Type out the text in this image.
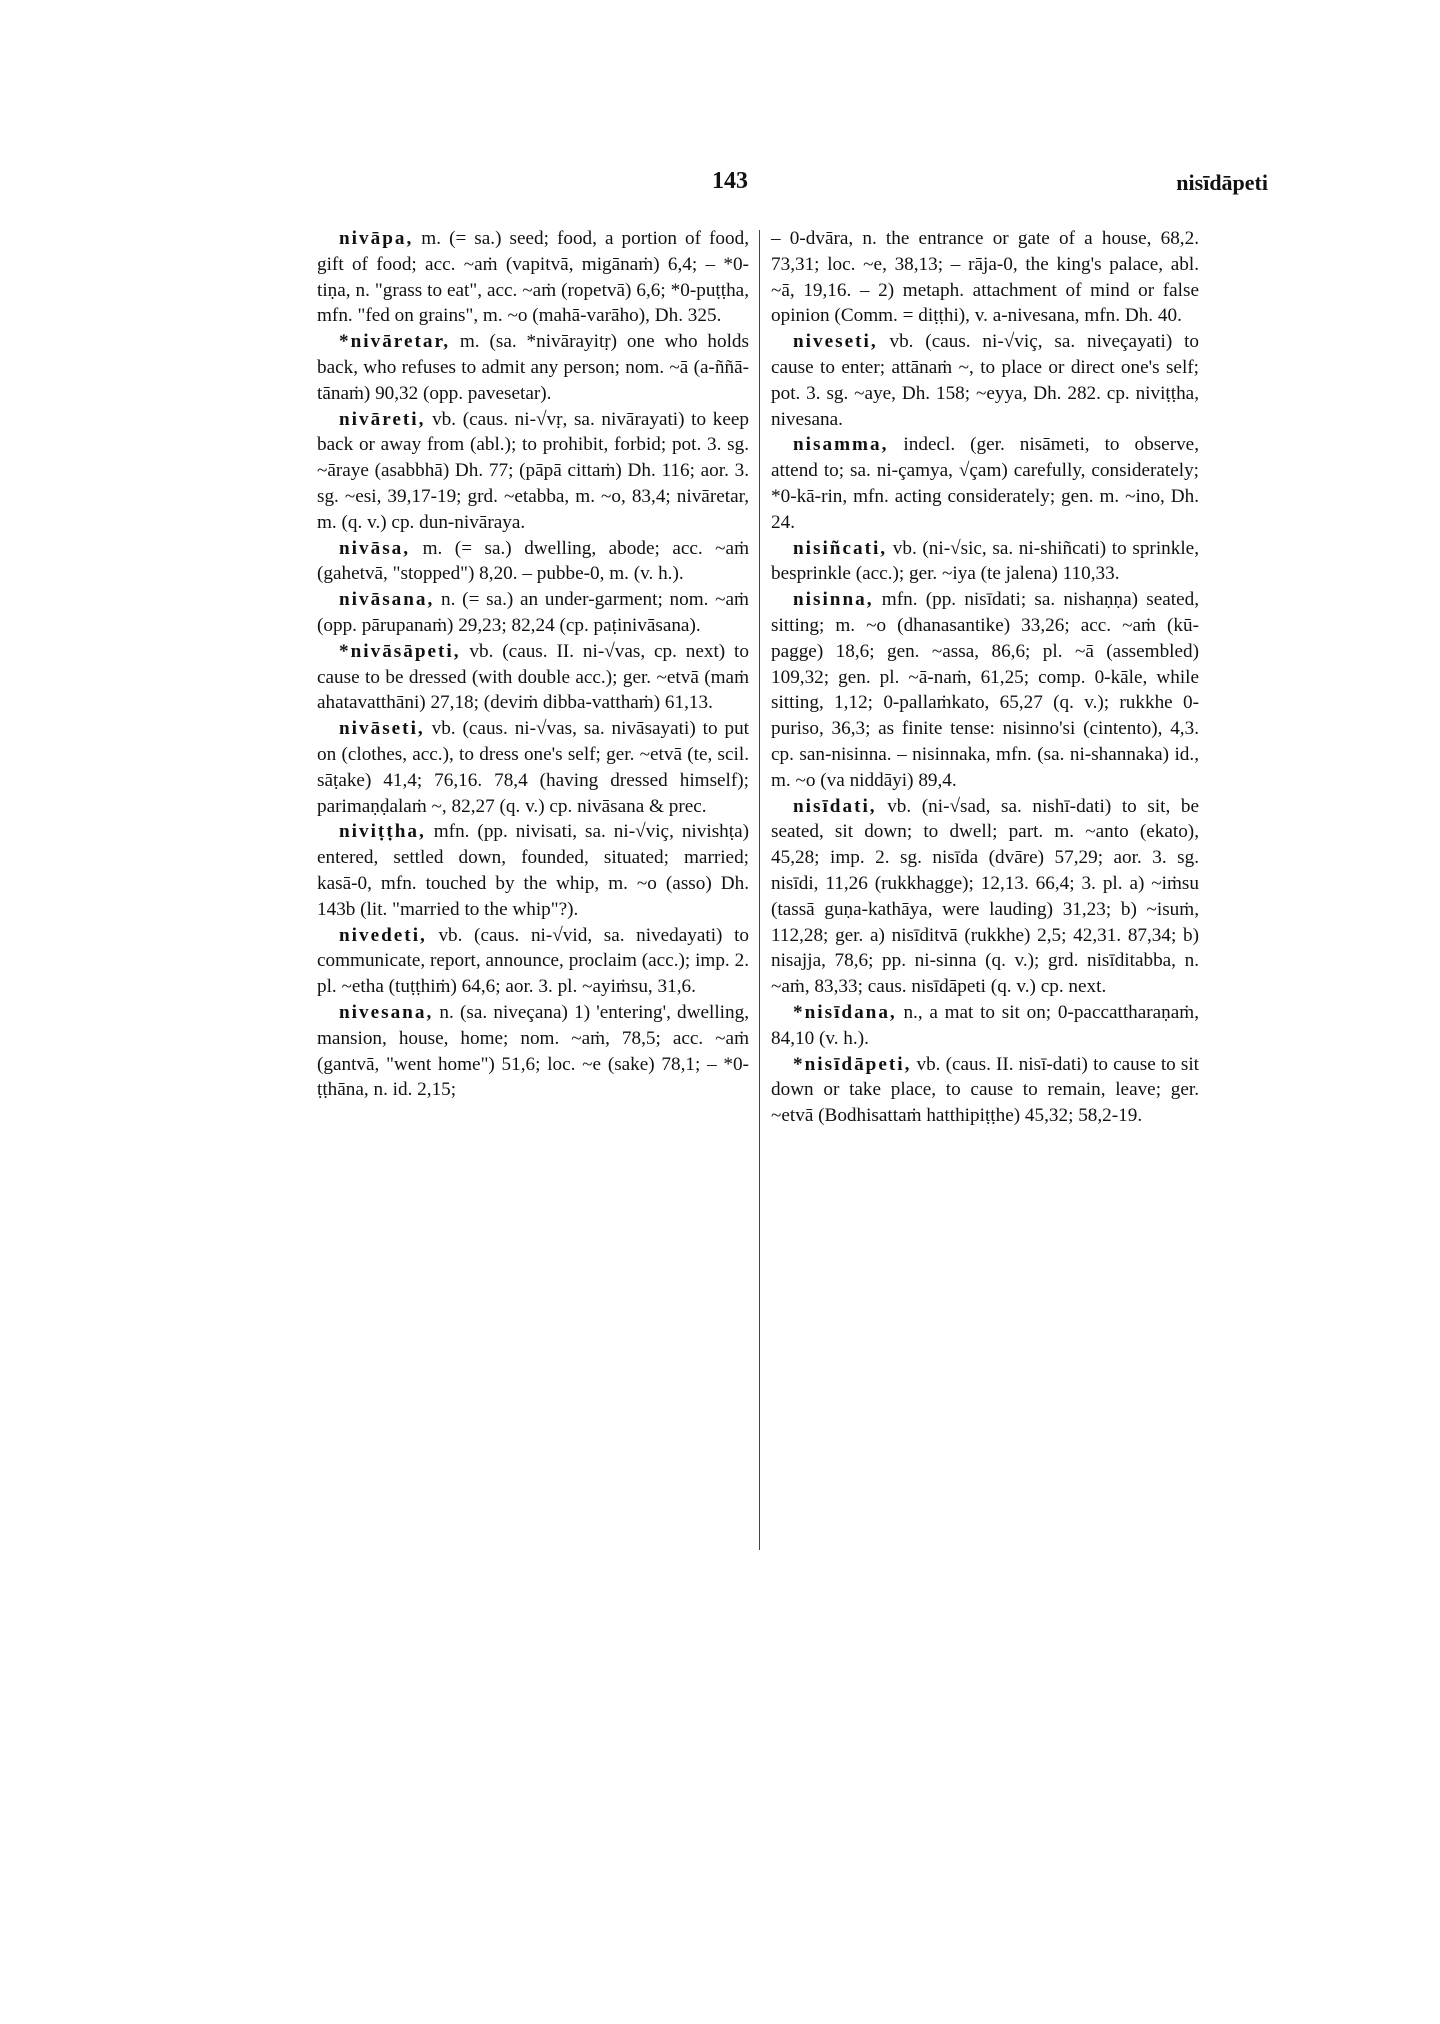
143	nisīdāpeti

nivāpa, m. (= sa.) seed; food, a portion of food, gift of food; acc. ~aṁ (vapitvā, migānaṁ) 6,4; – *0-tiṇa, n. "grass to eat", acc. ~aṁ (ropetvā) 6,6; *0-puṭṭha, mfn. "fed on grains", m. ~o (mahā-varāho), Dh. 325.

*nivāretar, m. (sa. *nivārayitṛ) one who holds back, who refuses to admit any person; nom. ~ā (a-ññā-tānaṁ) 90,32 (opp. pavesetar).

nivāreti, vb. (caus. ni-√vṛ, sa. nivārayati) to keep back or away from (abl.); to prohibit, forbid; pot. 3. sg. ~āraye (asabbhā) Dh. 77; (pāpā cittaṁ) Dh. 116; aor. 3. sg. ~esi, 39,17-19; grd. ~etabba, m. ~o, 83,4; nivāretar, m. (q. v.) cp. dun-nivāraya.

nivāsa, m. (= sa.) dwelling, abode; acc. ~aṁ (gahetvā, "stopped") 8,20. – pubbe-0, m. (v. h.).

nivāsana, n. (= sa.) an under-garment; nom. ~aṁ (opp. pārupanaṁ) 29,23; 82,24 (cp. paṭinivāsana).

*nivāsāpeti, vb. (caus. II. ni-√vas, cp. next) to cause to be dressed (with double acc.); ger. ~etvā (maṁ ahatavatthāni) 27,18; (deviṁ dibba-vatthaṁ) 61,13.

nivāseti, vb. (caus. ni-√vas, sa. nivāsayati) to put on (clothes, acc.), to dress one's self; ger. ~etvā (te, scil. sāṭake) 41,4; 76,16. 78,4 (having dressed himself); parimaṇḍalaṁ ~, 82,27 (q. v.) cp. nivāsana & prec.

niviṭṭha, mfn. (pp. nivisati, sa. ni-√viç, nivishṭa) entered, settled down, founded, situated; married; kasā-0, mfn. touched by the whip, m. ~o (asso) Dh. 143b (lit. "married to the whip"?).

nivedeti, vb. (caus. ni-√vid, sa. nivedayati) to communicate, report, announce, proclaim (acc.); imp. 2. pl. ~etha (tuṭṭhiṁ) 64,6; aor. 3. pl. ~ayiṁsu, 31,6.

nivesana, n. (sa. niveçana) 1) 'entering', dwelling, mansion, house, home; nom. ~aṁ, 78,5; acc. ~aṁ (gantvā, "went home") 51,6; loc. ~e (sake) 78,1; – *0-ṭṭhāna, n. id. 2,15;

– 0-dvāra, n. the entrance or gate of a house, 68,2. 73,31; loc. ~e, 38,13; – rāja-0, the king's palace, abl. ~ā, 19,16. – 2) metaph. attachment of mind or false opinion (Comm. = diṭṭhi), v. a-nivesana, mfn. Dh. 40.

niveseti, vb. (caus. ni-√viç, sa. niveçayati) to cause to enter; attānaṁ ~, to place or direct one's self; pot. 3. sg. ~aye, Dh. 158; ~eyya, Dh. 282. cp. niviṭṭha, nivesana.

nisamma, indecl. (ger. nisāmeti, to observe, attend to; sa. ni-çamya, √çam) carefully, considerately; *0-kā-rin, mfn. acting considerately; gen. m. ~ino, Dh. 24.

nisiñcati, vb. (ni-√sic, sa. ni-shiñcati) to sprinkle, besprinkle (acc.); ger. ~iya (te jalena) 110,33.

nisinna, mfn. (pp. nisīdati; sa. nishaṇṇa) seated, sitting; m. ~o (dhanasantike) 33,26; acc. ~aṁ (kū-pagge) 18,6; gen. ~assa, 86,6; pl. ~ā (assembled) 109,32; gen. pl. ~ā-naṁ, 61,25; comp. 0-kāle, while sitting, 1,12; 0-pallaṁkato, 65,27 (q. v.); rukkhe 0-puriso, 36,3; as finite tense: nisinno'si (cintento), 4,3. cp. san-nisinna. – nisinnaka, mfn. (sa. ni-shannaka) id., m. ~o (va niddāyi) 89,4.

nisīdati, vb. (ni-√sad, sa. nishī-dati) to sit, be seated, sit down; to dwell; part. m. ~anto (ekato), 45,28; imp. 2. sg. nisīda (dvāre) 57,29; aor. 3. sg. nisīdi, 11,26 (rukkhagge); 12,13. 66,4; 3. pl. a) ~iṁsu (tassā guṇa-kathāya, were lauding) 31,23; b) ~isuṁ, 112,28; ger. a) nisīditvā (rukkhe) 2,5; 42,31. 87,34; b) nisajja, 78,6; pp. ni-sinna (q. v.); grd. nisīditabba, n. ~aṁ, 83,33; caus. nisīdāpeti (q. v.) cp. next.

*nisīdana, n., a mat to sit on; 0-paccattharaṇaṁ, 84,10 (v. h.).

*nisīdāpeti, vb. (caus. II. nisī-dati) to cause to sit down or take place, to cause to remain, leave; ger. ~etvā (Bodhisattaṁ hatthipiṭṭhe) 45,32; 58,2-19.
